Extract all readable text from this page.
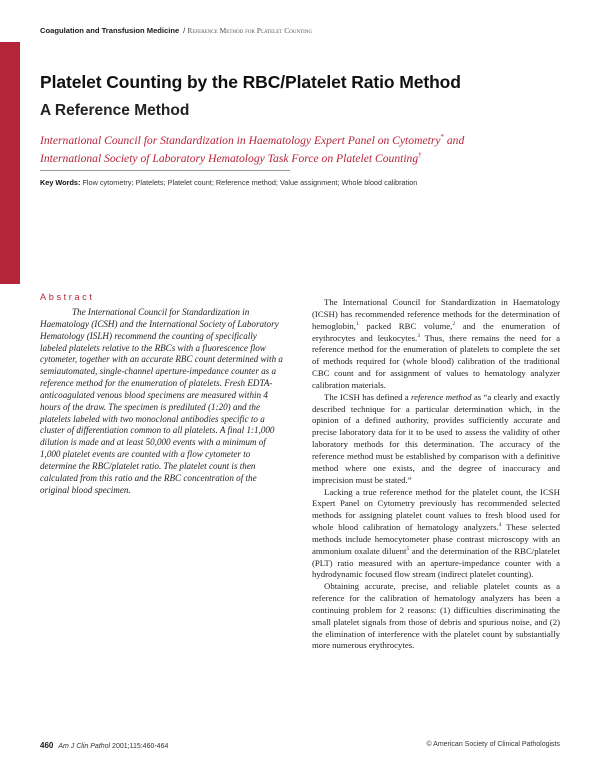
Coagulation and Transfusion Medicine / Reference Method for Platelet Counting
Platelet Counting by the RBC/Platelet Ratio Method
A Reference Method
International Council for Standardization in Haematology Expert Panel on Cytometry* and
International Society of Laboratory Hematology Task Force on Platelet Counting†
Key Words: Flow cytometry; Platelets; Platelet count; Reference method; Value assignment; Whole blood calibration
Abstract
The International Council for Standardization in Haematology (ICSH) and the International Society of Laboratory Hematology (ISLH) recommend the counting of specifically labeled platelets relative to the RBCs with a fluorescence flow cytometer, together with an accurate RBC count determined with a semiautomated, single-channel aperture-impedance counter as a reference method for the enumeration of platelets. Fresh EDTA-anticoagulated venous blood specimens are measured within 4 hours of the draw. The specimen is prediluted (1:20) and the platelets labeled with two monoclonal antibodies specific to a cluster of differentiation common to all platelets. A final 1:1,000 dilution is made and at least 50,000 events with a minimum of 1,000 platelet events are counted with a flow cytometer to determine the RBC/platelet ratio. The platelet count is then calculated from this ratio and the RBC concentration of the original blood specimen.

The International Council for Standardization in Haematology (ICSH) has recommended reference methods for the determination of hemoglobin,$^1$ packed RBC volume,$^2$ and the enumeration of erythrocytes and leukocytes.$^3$ Thus, there remains the need for a reference method for the enumeration of platelets to complete the set of methods required for (whole blood) calibration of the traditional CBC count and for assignment of values to hematology analyzer calibration materials.

The ICSH has defined a reference method as “a clearly and exactly described technique for a particular determination which, in the opinion of a defined authority, provides sufficiently accurate and precise laboratory data for it to be used to assess the validity of other laboratory methods for this determination. The accuracy of the reference method must be established by comparison with a definitive method where one exists, and the degree of inaccuracy and imprecision must be stated.”

Lacking a true reference method for the platelet count, the ICSH Expert Panel on Cytometry previously has recommended selected methods for assigning platelet count values to fresh blood used for whole blood calibration of hematology analyzers.$^4$ These selected methods include hemocytometer phase contrast microscopy with an ammonium oxalate diluent$^5$ and the determination of the RBC/platelet (PLT) ratio measured with an aperture-impedance counter with a hydrodynamic focused flow stream (indirect platelet counting).

Obtaining accurate, precise, and reliable platelet counts as a reference for the calibration of hematology analyzers has been a continuing problem for 2 reasons: (1) difficulties discriminating the small platelet signals from those of debris and spurious noise, and (2) the elimination of interference with the platelet count by substantially more numerous erythrocytes.

460 Am J Clin Pathol 2001;115:460-464	© American Society of Clinical Pathologists
